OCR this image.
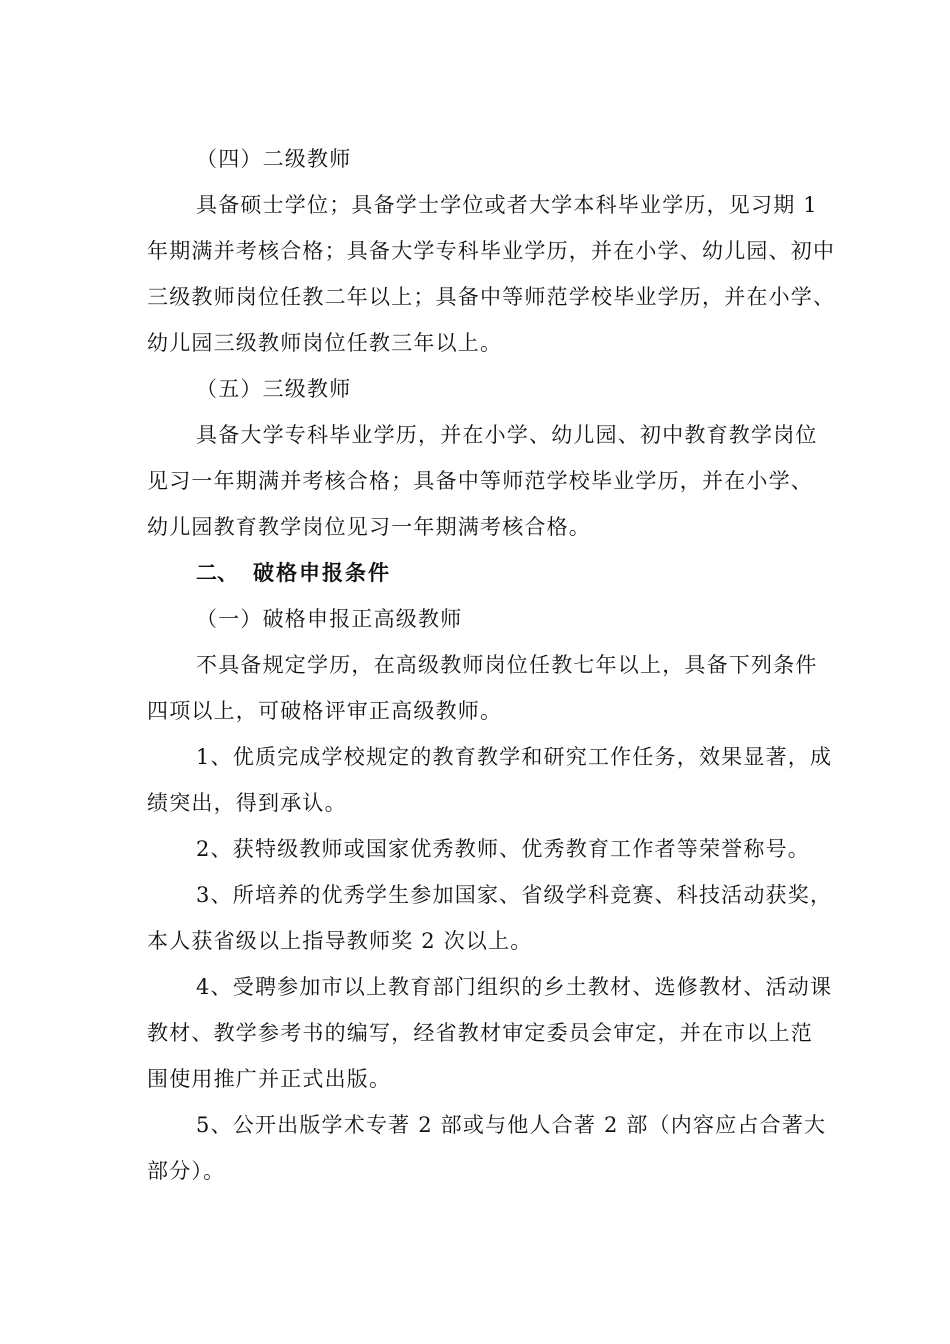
（四）二级教师
具备硕士学位；具备学士学位或者大学本科毕业学历，见习期 1
年期满并考核合格；具备大学专科毕业学历，并在小学、幼儿园、初中
三级教师岗位任教二年以上；具备中等师范学校毕业学历，并在小学、
幼儿园三级教师岗位任教三年以上。
（五）三级教师
具备大学专科毕业学历，并在小学、幼儿园、初中教育教学岗位
见习一年期满并考核合格；具备中等师范学校毕业学历，并在小学、
幼儿园教育教学岗位见习一年期满考核合格。
二、 破格申报条件
（一）破格申报正高级教师
不具备规定学历，在高级教师岗位任教七年以上，具备下列条件
四项以上，可破格评审正高级教师。
1、优质完成学校规定的教育教学和研究工作任务，效果显著，成
绩突出，得到承认。
2、获特级教师或国家优秀教师、优秀教育工作者等荣誉称号。
3、所培养的优秀学生参加国家、省级学科竞赛、科技活动获奖，
本人获省级以上指导教师奖 2 次以上。
4、受聘参加市以上教育部门组织的乡土教材、选修教材、活动课
教材、教学参考书的编写，经省教材审定委员会审定，并在市以上范
围使用推广并正式出版。
5、公开出版学术专著 2 部或与他人合著 2 部（内容应占合著大
部分）。
